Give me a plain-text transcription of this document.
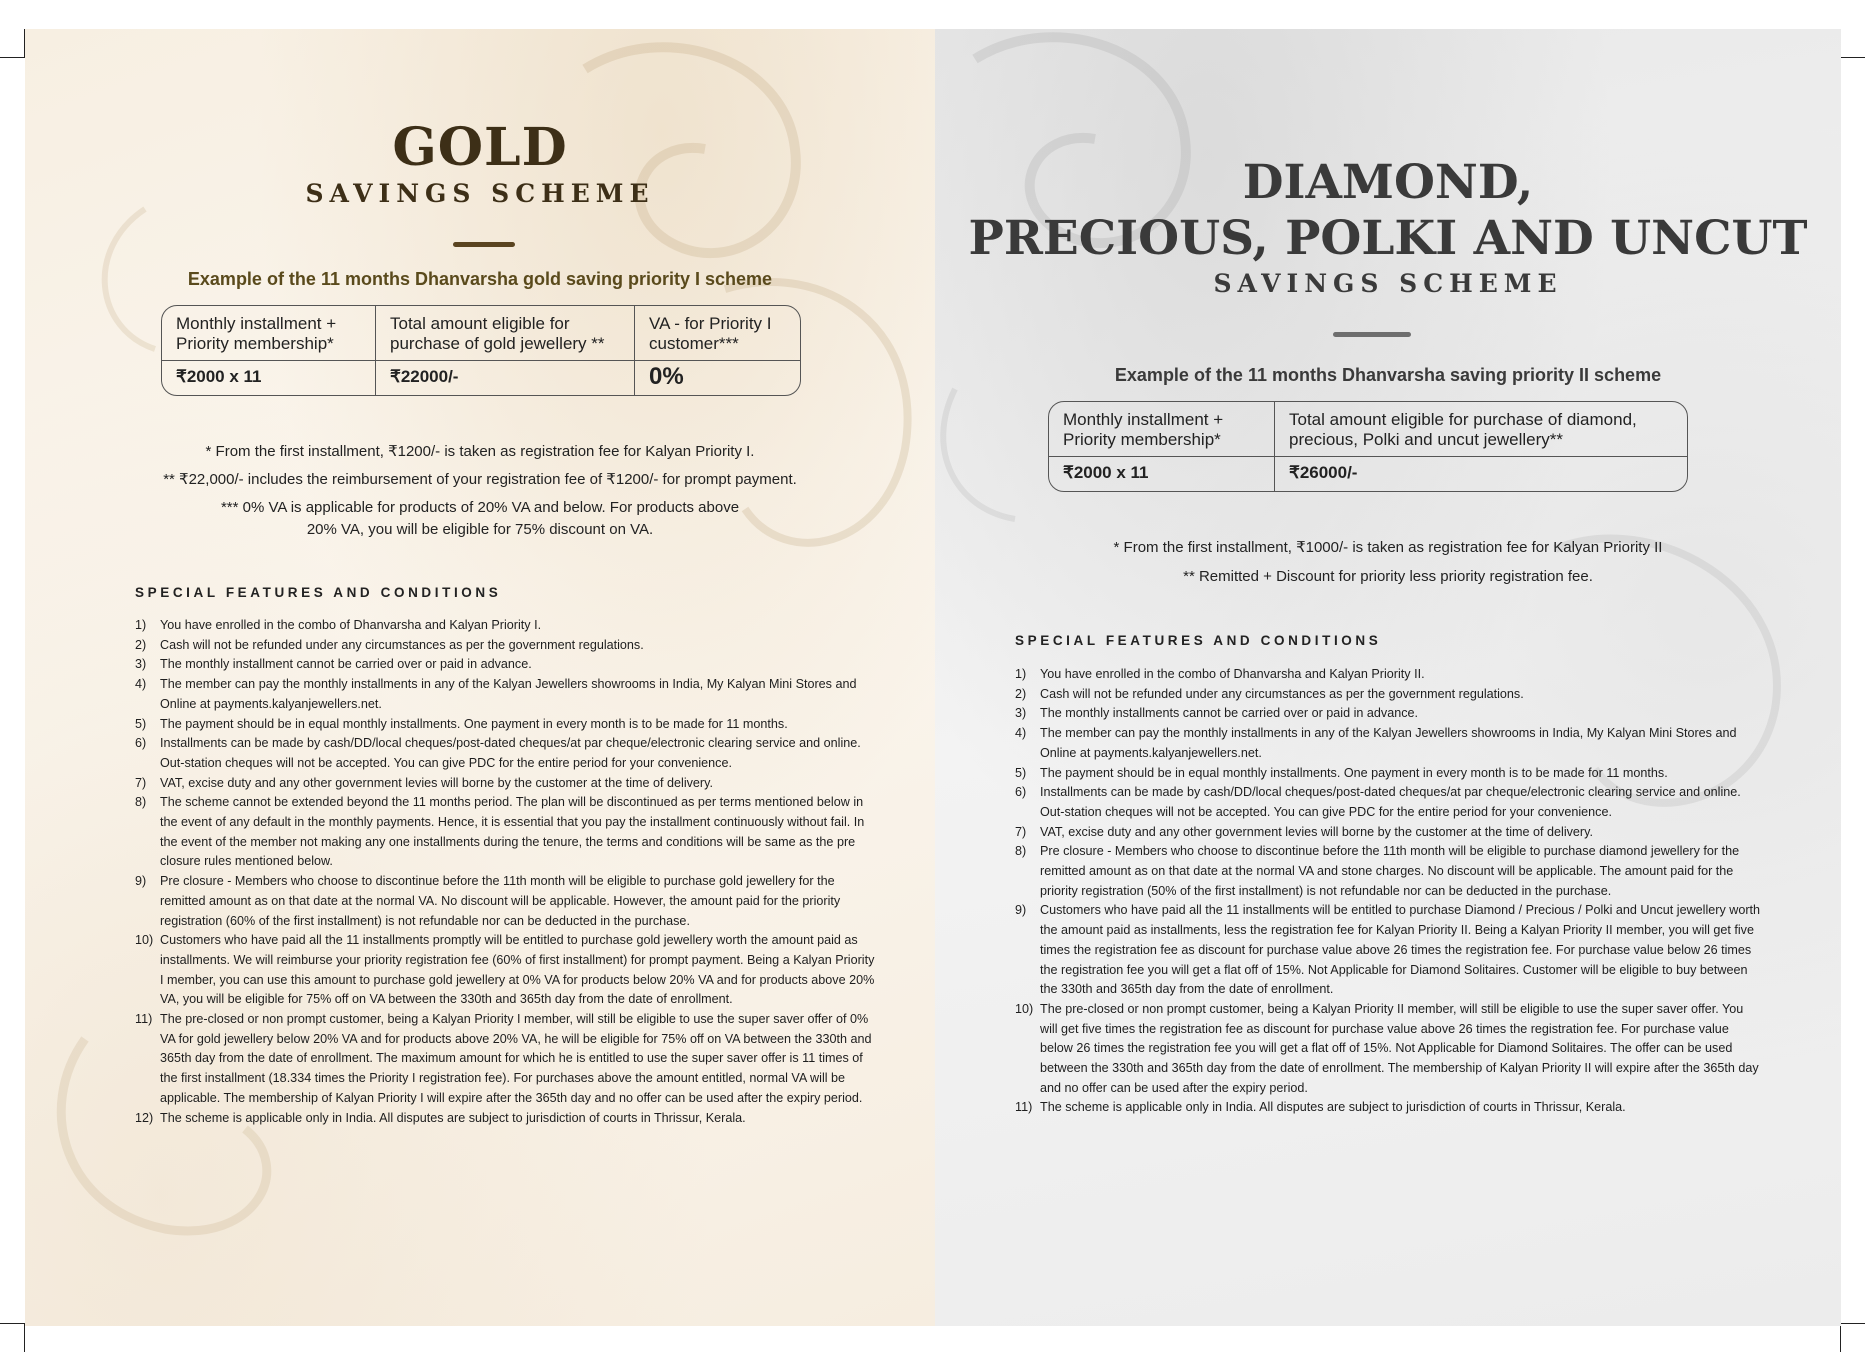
GOLD
SAVINGS SCHEME

Example of the 11 months Dhanvarsha gold saving priority I scheme

Monthly installment + Priority membership*	Total amount eligible for purchase of gold jewellery **	VA - for Priority I customer***
₹2000 x 11	₹22000/-	0%

* From the first installment, ₹1200/- is taken as registration fee for Kalyan Priority I.

** ₹22,000/- includes the reimbursement of your registration fee of ₹1200/- for prompt payment.

*** 0% VA is applicable for products of 20% VA and below. For products above 20% VA, you will be eligible for 75% discount on VA.

SPECIAL FEATURES AND CONDITIONS
1) You have enrolled in the combo of Dhanvarsha and Kalyan Priority I.
2) Cash will not be refunded under any circumstances as per the government regulations.
3) The monthly installment cannot be carried over or paid in advance.
4) The member can pay the monthly installments in any of the Kalyan Jewellers showrooms in India, My Kalyan Mini Stores and Online at payments.kalyanjewellers.net.
5) The payment should be in equal monthly installments. One payment in every month is to be made for 11 months.
6) Installments can be made by cash/DD/local cheques/post-dated cheques/at par cheque/electronic clearing service and online. Out-station cheques will not be accepted. You can give PDC for the entire period for your convenience.
7) VAT, excise duty and any other government levies will borne by the customer at the time of delivery.
8) The scheme cannot be extended beyond the 11 months period. The plan will be discontinued as per terms mentioned below in the event of any default in the monthly payments. Hence, it is essential that you pay the installment continuously without fail. In the event of the member not making any one installments during the tenure, the terms and conditions will be same as the pre closure rules mentioned below.
9) Pre closure - Members who choose to discontinue before the 11th month will be eligible to purchase gold jewellery for the remitted amount as on that date at the normal VA. No discount will be applicable. However, the amount paid for the priority registration (60% of the first installment) is not refundable nor can be deducted in the purchase.
10) Customers who have paid all the 11 installments promptly will be entitled to purchase gold jewellery worth the amount paid as installments. We will reimburse your priority registration fee (60% of first installment) for prompt payment. Being a Kalyan Priority I member, you can use this amount to purchase gold jewellery at 0% VA for products below 20% VA and for products above 20% VA, you will be eligible for 75% off on VA between the 330th and 365th day from the date of enrollment.
11) The pre-closed or non prompt customer, being a Kalyan Priority I member, will still be eligible to use the super saver offer of 0% VA for gold jewellery below 20% VA and for products above 20% VA, he will be eligible for 75% off on VA between the 330th and 365th day from the date of enrollment. The maximum amount for which he is entitled to use the super saver offer is 11 times of the first installment (18.334 times the Priority I registration fee). For purchases above the amount entitled, normal VA will be applicable. The membership of Kalyan Priority I will expire after the 365th day and no offer can be used after the expiry period.
12) The scheme is applicable only in India. All disputes are subject to jurisdiction of courts in Thrissur, Kerala.
DIAMOND,
PRECIOUS, POLKI AND UNCUT
SAVINGS SCHEME

Example of the 11 months Dhanvarsha saving priority II scheme

Monthly installment + Priority membership*	Total amount eligible for purchase of diamond, precious, Polki and uncut jewellery**
₹2000 x 11	₹26000/-

* From the first installment, ₹1000/- is taken as registration fee for Kalyan Priority II

** Remitted + Discount for priority less priority registration fee.

SPECIAL FEATURES AND CONDITIONS
1) You have enrolled in the combo of Dhanvarsha and Kalyan Priority II.
2) Cash will not be refunded under any circumstances as per the government regulations.
3) The monthly installments cannot be carried over or paid in advance.
4) The member can pay the monthly installments in any of the Kalyan Jewellers showrooms in India, My Kalyan Mini Stores and Online at payments.kalyanjewellers.net.
5) The payment should be in equal monthly installments. One payment in every month is to be made for 11 months.
6) Installments can be made by cash/DD/local cheques/post-dated cheques/at par cheque/electronic clearing service and online. Out-station cheques will not be accepted. You can give PDC for the entire period for your convenience.
7) VAT, excise duty and any other government levies will borne by the customer at the time of delivery.
8) Pre closure - Members who choose to discontinue before the 11th month will be eligible to purchase diamond jewellery for the remitted amount as on that date at the normal VA and stone charges. No discount will be applicable. The amount paid for the priority registration (50% of the first installment) is not refundable nor can be deducted in the purchase.
9) Customers who have paid all the 11 installments will be entitled to purchase Diamond / Precious / Polki and Uncut jewellery worth the amount paid as installments, less the registration fee for Kalyan Priority II. Being a Kalyan Priority II member, you will get five times the registration fee as discount for purchase value above 26 times the registration fee. For purchase value below 26 times the registration fee you will get a flat off of 15%. Not Applicable for Diamond Solitaires. Customer will be eligible to buy between the 330th and 365th day from the date of enrollment.
10) The pre-closed or non prompt customer, being a Kalyan Priority II member, will still be eligible to use the super saver offer. You will get five times the registration fee as discount for purchase value above 26 times the registration fee. For purchase value below 26 times the registration fee you will get a flat off of 15%. Not Applicable for Diamond Solitaires. The offer can be used between the 330th and 365th day from the date of enrollment. The membership of Kalyan Priority II will expire after the 365th day and no offer can be used after the expiry period.
11) The scheme is applicable only in India. All disputes are subject to jurisdiction of courts in Thrissur, Kerala.
